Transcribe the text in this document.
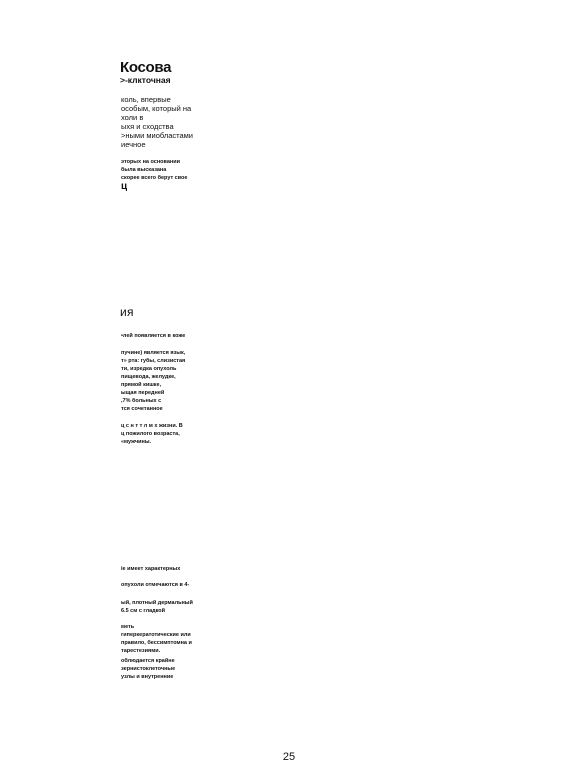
Косова
>-клкточная
коль, впервые
особым, который на
холи в
ыхя и сходства
>ными миобластами
иечное
эторых на основании
была высказана
скорее всего берут свое
ц
ия
•лей появляется в коже
пучине) является язык,
т» рта: губы, слизистая
ти, изредка опухоль
пищевода, желудке,
прямой кишке,
ыщая передней
,7% больных с
тся сочетанное
ц с н т т л м х жизни. В
ц пожилого возраста,
«мужчины.
ie имеет характерных
опухоли отмечаются в 4-
ый, плотный дермальный
6.5 см с гладкой
меть
гиперкератотические или
правило, бессимптомна и
тарестезиями.
облюдается крайне
зернистоклеточные
узлы и внутренние
25
